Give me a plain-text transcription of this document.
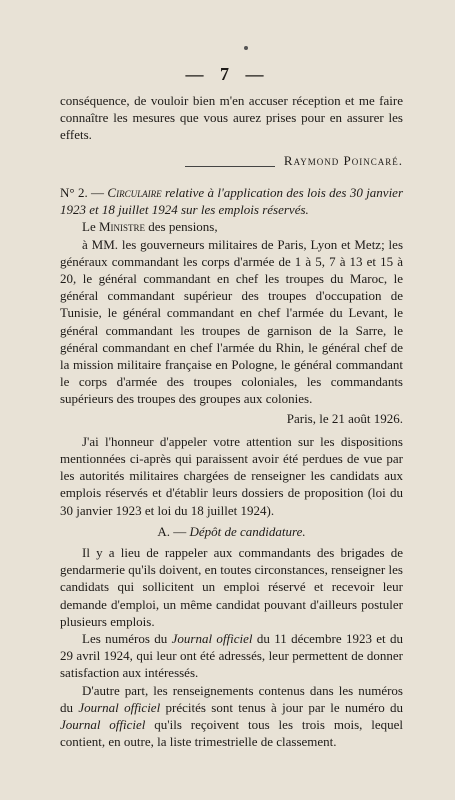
— 7 —

conséquence, de vouloir bien m'en accuser réception et me faire connaître les mesures que vous aurez prises pour en assurer les effets.

Raymond Poincaré.

N° 2. — Circulaire relative à l'application des lois des 30 janvier 1923 et 18 juillet 1924 sur les emplois réservés.

Le Ministre des pensions,

à MM. les gouverneurs militaires de Paris, Lyon et Metz; les généraux commandant les corps d'armée de 1 à 5, 7 à 13 et 15 à 20, le général commandant en chef les troupes du Maroc, le général commandant supérieur des troupes d'occupation de Tunisie, le général commandant en chef l'armée du Levant, le général commandant les troupes de garnison de la Sarre, le général commandant en chef l'armée du Rhin, le général chef de la mission militaire française en Pologne, le général commandant le corps d'armée des troupes coloniales, les commandants supérieurs des troupes des groupes aux colonies.

Paris, le 21 août 1926.

J'ai l'honneur d'appeler votre attention sur les dispositions mentionnées ci-après qui paraissent avoir été perdues de vue par les autorités militaires chargées de renseigner les candidats aux emplois réservés et d'établir leurs dossiers de proposition (loi du 30 janvier 1923 et loi du 18 juillet 1924).

A. — Dépôt de candidature.

Il y a lieu de rappeler aux commandants des brigades de gendarmerie qu'ils doivent, en toutes circonstances, renseigner les candidats qui sollicitent un emploi réservé et recevoir leur demande d'emploi, un même candidat pouvant d'ailleurs postuler plusieurs emplois.

Les numéros du Journal officiel du 11 décembre 1923 et du 29 avril 1924, qui leur ont été adressés, leur permettent de donner satisfaction aux intéressés.

D'autre part, les renseignements contenus dans les numéros du Journal officiel précités sont tenus à jour par le numéro du Journal officiel qu'ils reçoivent tous les trois mois, lequel contient, en outre, la liste trimestrielle de classement.
